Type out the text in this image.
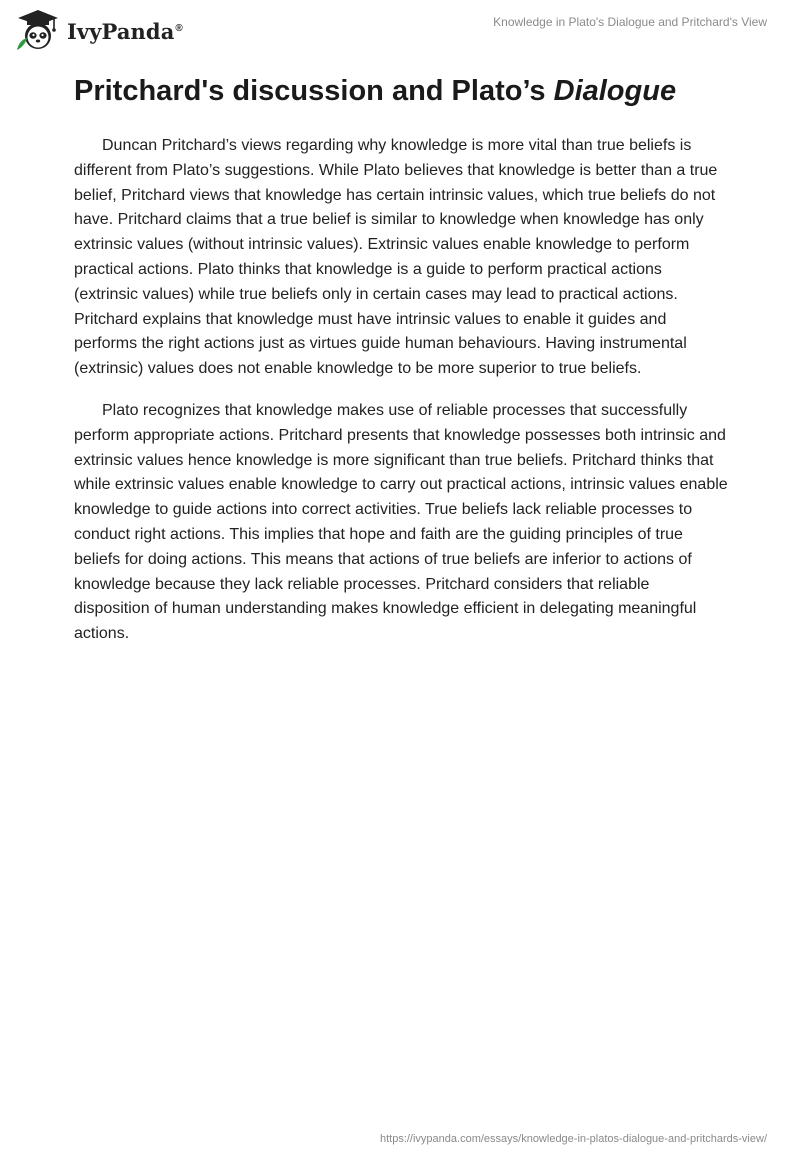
IvyPanda®	Knowledge in Plato's Dialogue and Pritchard's View
Pritchard's discussion and Plato’s Dialogue

Duncan Pritchard’s views regarding why knowledge is more vital than true beliefs is different from Plato’s suggestions. While Plato believes that knowledge is better than a true belief, Pritchard views that knowledge has certain intrinsic values, which true beliefs do not have. Pritchard claims that a true belief is similar to knowledge when knowledge has only extrinsic values (without intrinsic values). Extrinsic values enable knowledge to perform practical actions. Plato thinks that knowledge is a guide to perform practical actions (extrinsic values) while true beliefs only in certain cases may lead to practical actions. Pritchard explains that knowledge must have intrinsic values to enable it guides and performs the right actions just as virtues guide human behaviours. Having instrumental (extrinsic) values does not enable knowledge to be more superior to true beliefs.

Plato recognizes that knowledge makes use of reliable processes that successfully perform appropriate actions. Pritchard presents that knowledge possesses both intrinsic and extrinsic values hence knowledge is more significant than true beliefs. Pritchard thinks that while extrinsic values enable knowledge to carry out practical actions, intrinsic values enable knowledge to guide actions into correct activities. True beliefs lack reliable processes to conduct right actions. This implies that hope and faith are the guiding principles of true beliefs for doing actions. This means that actions of true beliefs are inferior to actions of knowledge because they lack reliable processes. Pritchard considers that reliable disposition of human understanding makes knowledge efficient in delegating meaningful actions.

https://ivypanda.com/essays/knowledge-in-platos-dialogue-and-pritchards-view/
